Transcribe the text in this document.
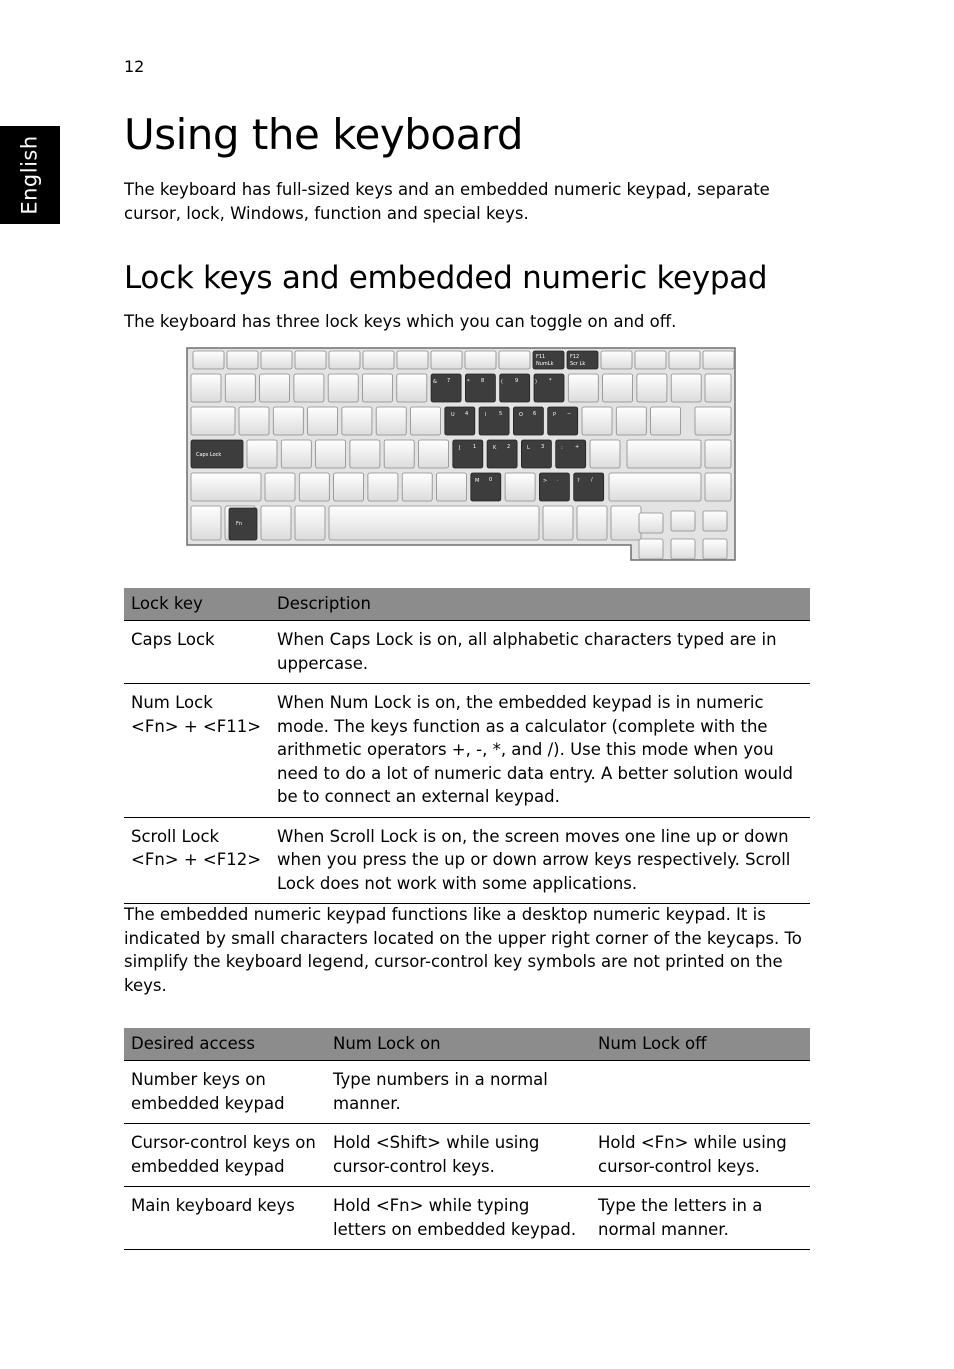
12
English
Using the keyboard

The keyboard has full-sized keys and an embedded numeric keypad, separate cursor, lock, Windows, function and special keys.

Lock keys and embedded numeric keypad

The keyboard has three lock keys which you can toggle on and off.

F11
NumLk
F12
Scr Lk
Caps Lock
Fn
& 7	* 8	( 9	) *
U 4	I	5	O 6	P −
J	1	K 2	L 3	: +
M 0	> .	? /
Lock key	Description

Caps Lock	When Caps Lock is on, all alphabetic characters typed are in uppercase.

Num Lock
<Fn> + <F11>	When Num Lock is on, the embedded keypad is in numeric mode. The keys function as a calculator (complete with the arithmetic operators +, -, *, and /). Use this mode when you need to do a lot of numeric data entry. A better solution would be to connect an external keypad.

Scroll Lock
<Fn> + <F12>	When Scroll Lock is on, the screen moves one line up or down when you press the up or down arrow keys respectively. Scroll Lock does not work with some applications.

The embedded numeric keypad functions like a desktop numeric keypad. It is indicated by small characters located on the upper right corner of the keycaps. To simplify the keyboard legend, cursor-control key symbols are not printed on the keys.

Desired access	Num Lock on	Num Lock off
Number keys on embedded keypad	Type numbers in a normal manner.	
Cursor-control keys on embedded keypad	Hold <Shift> while using cursor-control keys.	Hold <Fn> while using cursor-control keys.
Main keyboard keys	Hold <Fn> while typing letters on embedded keypad.	Type the letters in a normal manner.
